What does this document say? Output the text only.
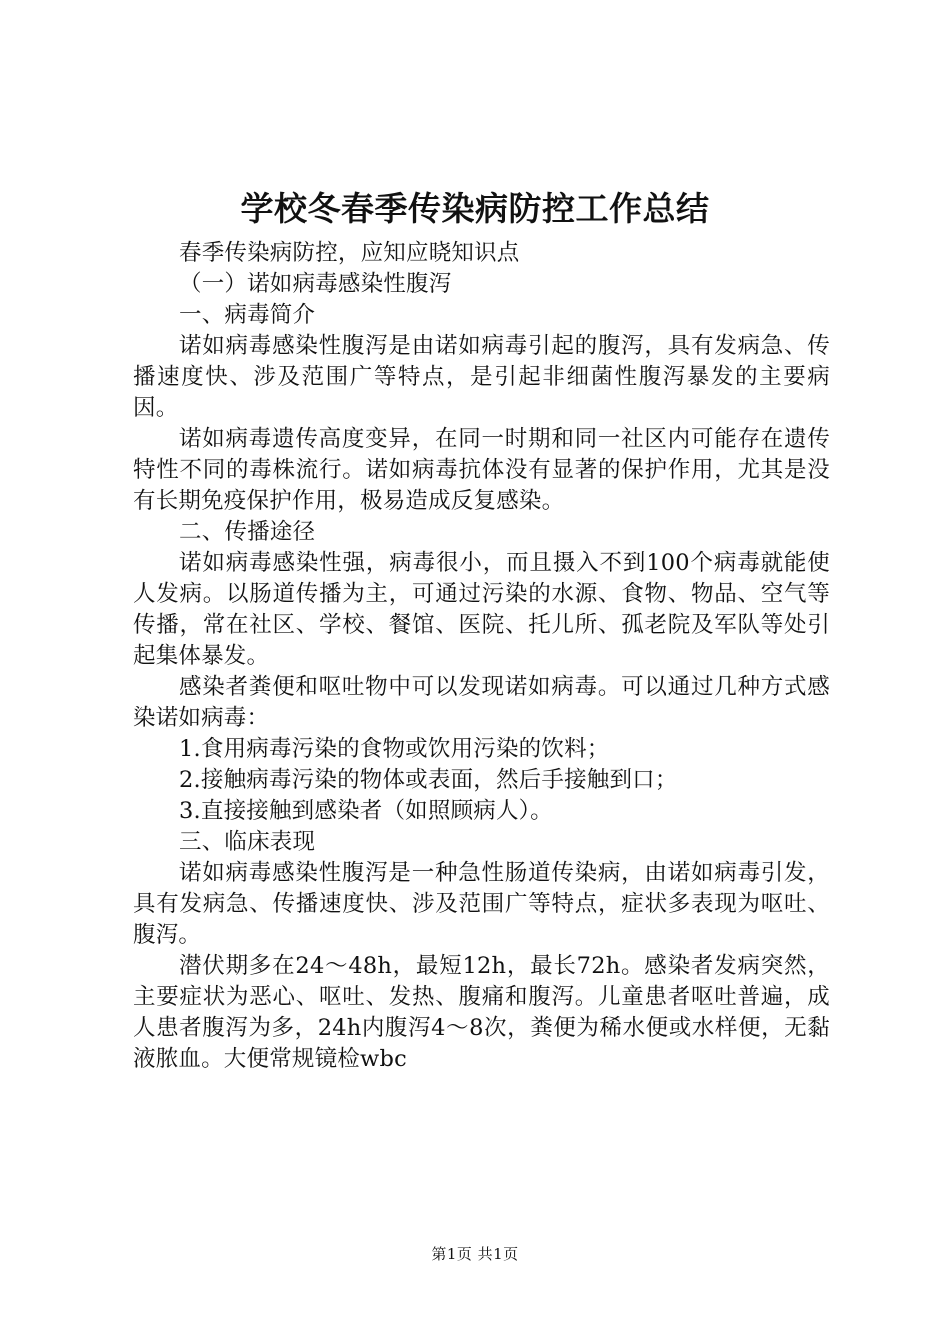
学校冬春季传染病防控工作总结

春季传染病防控，应知应晓知识点

（一）诺如病毒感染性腹泻

一、病毒简介

诺如病毒感染性腹泻是由诺如病毒引起的腹泻，具有发病急、传播速度快、涉及范围广等特点，是引起非细菌性腹泻暴发的主要病因。

诺如病毒遗传高度变异，在同一时期和同一社区内可能存在遗传特性不同的毒株流行。诺如病毒抗体没有显著的保护作用，尤其是没有长期免疫保护作用，极易造成反复感染。

二、传播途径

诺如病毒感染性强，病毒很小，而且摄入不到100个病毒就能使人发病。以肠道传播为主，可通过污染的水源、食物、物品、空气等传播，常在社区、学校、餐馆、医院、托儿所、孤老院及军队等处引起集体暴发。

感染者粪便和呕吐物中可以发现诺如病毒。可以通过几种方式感染诺如病毒：

1.食用病毒污染的食物或饮用污染的饮料；

2.接触病毒污染的物体或表面，然后手接触到口；

3.直接接触到感染者（如照顾病人）。

三、临床表现

诺如病毒感染性腹泻是一种急性肠道传染病，由诺如病毒引发，具有发病急、传播速度快、涉及范围广等特点，症状多表现为呕吐、腹泻。

潜伏期多在24～48h，最短12h，最长72h。感染者发病突然，主要症状为恶心、呕吐、发热、腹痛和腹泻。儿童患者呕吐普遍，成人患者腹泻为多，24h内腹泻4～8次，粪便为稀水便或水样便，无黏液脓血。大便常规镜检wbc

第1页 共1页
